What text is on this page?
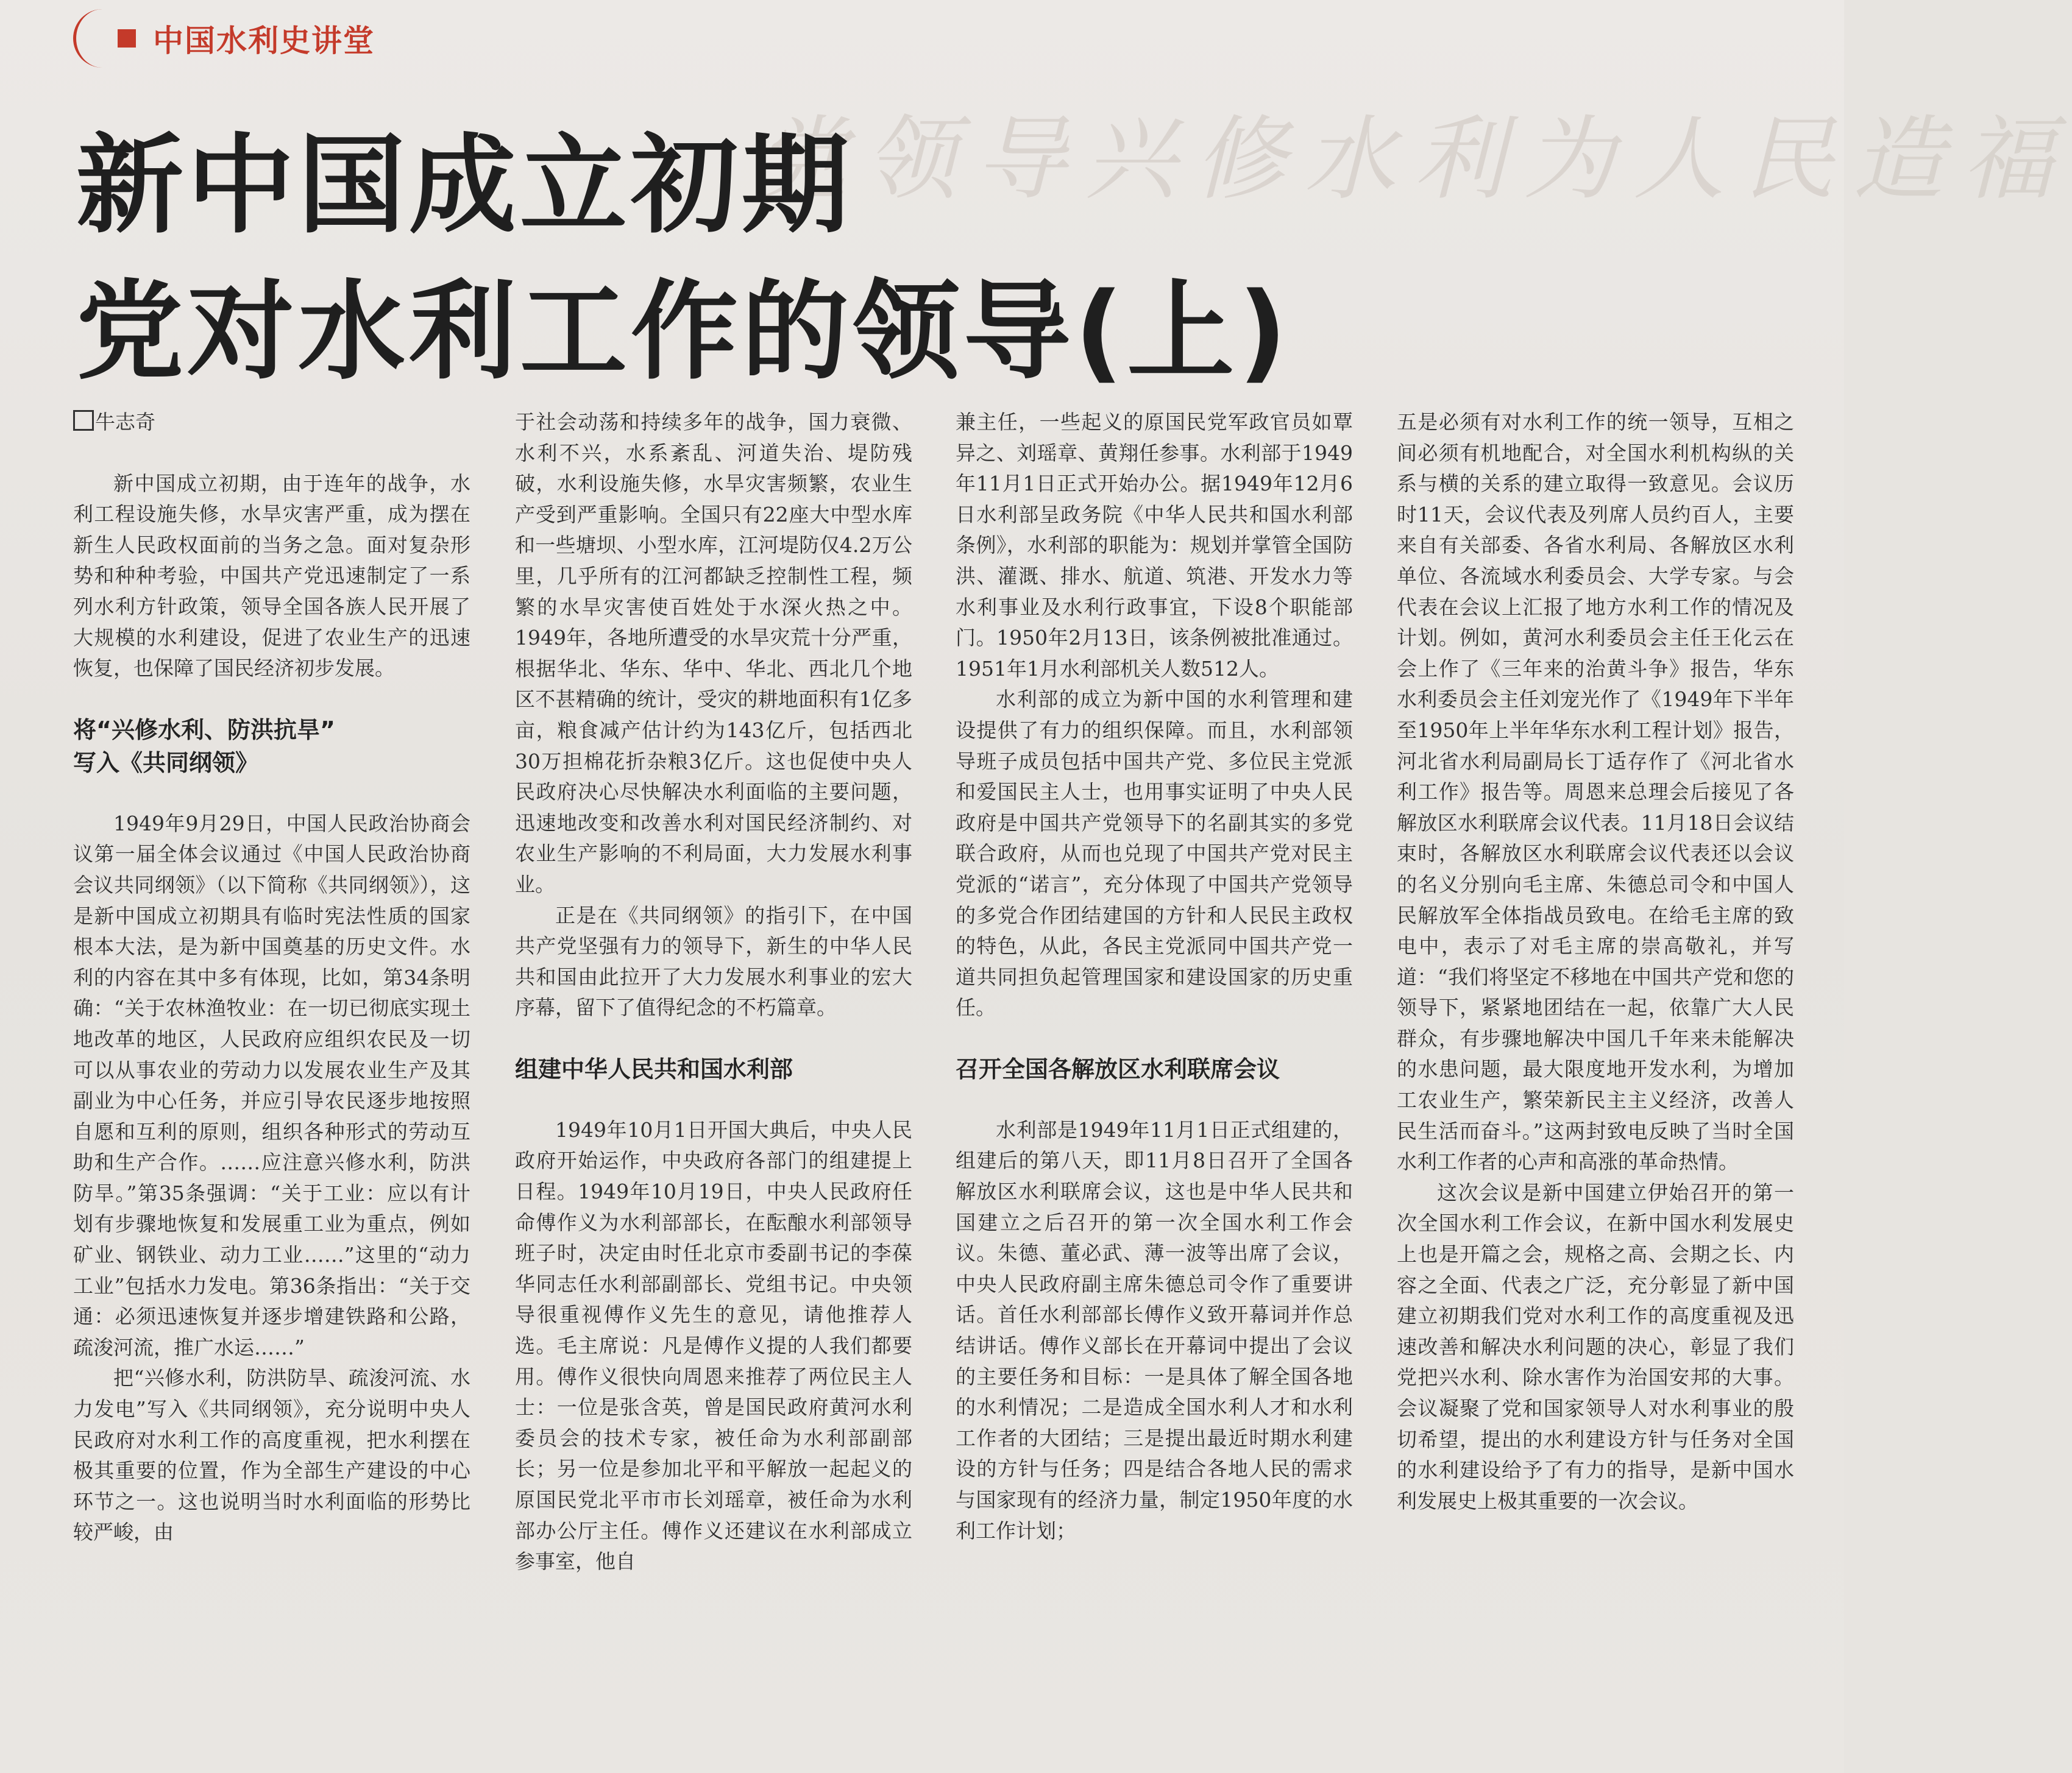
党领导兴修水利为人民造福
中国水利史讲堂
新中国成立初期
党对水利工作的领导(上)
牛志奇

新中国成立初期，由于连年的战争，水利工程设施失修，水旱灾害严重，成为摆在新生人民政权面前的当务之急。面对复杂形势和种种考验，中国共产党迅速制定了一系列水利方针政策，领导全国各族人民开展了大规模的水利建设，促进了农业生产的迅速恢复，也保障了国民经济初步发展。

将“兴修水利、防洪抗旱”
写入《共同纲领》

1949年9月29日，中国人民政治协商会议第一届全体会议通过《中国人民政治协商会议共同纲领》（以下简称《共同纲领》），这是新中国成立初期具有临时宪法性质的国家根本大法，是为新中国奠基的历史文件。水利的内容在其中多有体现，比如，第34条明确：“关于农林渔牧业：在一切已彻底实现土地改革的地区，人民政府应组织农民及一切可以从事农业的劳动力以发展农业生产及其副业为中心任务，并应引导农民逐步地按照自愿和互利的原则，组织各种形式的劳动互助和生产合作。……应注意兴修水利，防洪防旱。”第35条强调：“关于工业：应以有计划有步骤地恢复和发展重工业为重点，例如矿业、钢铁业、动力工业……”这里的“动力工业”包括水力发电。第36条指出：“关于交通：必须迅速恢复并逐步增建铁路和公路，疏浚河流，推广水运……”

把“兴修水利，防洪防旱、疏浚河流、水力发电”写入《共同纲领》，充分说明中央人民政府对水利工作的高度重视，把水利摆在极其重要的位置，作为全部生产建设的中心环节之一。这也说明当时水利面临的形势比较严峻，由

于社会动荡和持续多年的战争，国力衰微、水利不兴，水系紊乱、河道失治、堤防残破，水利设施失修，水旱灾害频繁，农业生产受到严重影响。全国只有22座大中型水库和一些塘坝、小型水库，江河堤防仅4.2万公里，几乎所有的江河都缺乏控制性工程，频繁的水旱灾害使百姓处于水深火热之中。1949年，各地所遭受的水旱灾荒十分严重，根据华北、华东、华中、华北、西北几个地区不甚精确的统计，受灾的耕地面积有1亿多亩，粮食减产估计约为143亿斤，包括西北30万担棉花折杂粮3亿斤。这也促使中央人民政府决心尽快解决水利面临的主要问题，迅速地改变和改善水利对国民经济制约、对农业生产影响的不利局面，大力发展水利事业。

正是在《共同纲领》的指引下，在中国共产党坚强有力的领导下，新生的中华人民共和国由此拉开了大力发展水利事业的宏大序幕，留下了值得纪念的不朽篇章。

组建中华人民共和国水利部

1949年10月1日开国大典后，中央人民政府开始运作，中央政府各部门的组建提上日程。1949年10月19日，中央人民政府任命傅作义为水利部部长，在酝酿水利部领导班子时，决定由时任北京市委副书记的李葆华同志任水利部副部长、党组书记。中央领导很重视傅作义先生的意见，请他推荐人选。毛主席说：凡是傅作义提的人我们都要用。傅作义很快向周恩来推荐了两位民主人士：一位是张含英，曾是国民政府黄河水利委员会的技术专家，被任命为水利部副部长；另一位是参加北平和平解放一起起义的原国民党北平市市长刘瑶章，被任命为水利部办公厅主任。傅作义还建议在水利部成立参事室，他自

兼主任，一些起义的原国民党军政官员如覃异之、刘瑶章、黄翔任参事。水利部于1949年11月1日正式开始办公。据1949年12月6日水利部呈政务院《中华人民共和国水利部条例》，水利部的职能为：规划并掌管全国防洪、灌溉、排水、航道、筑港、开发水力等水利事业及水利行政事宜，下设8个职能部门。1950年2月13日，该条例被批准通过。1951年1月水利部机关人数512人。

水利部的成立为新中国的水利管理和建设提供了有力的组织保障。而且，水利部领导班子成员包括中国共产党、多位民主党派和爱国民主人士，也用事实证明了中央人民政府是中国共产党领导下的名副其实的多党联合政府，从而也兑现了中国共产党对民主党派的“诺言”，充分体现了中国共产党领导的多党合作团结建国的方针和人民民主政权的特色，从此，各民主党派同中国共产党一道共同担负起管理国家和建设国家的历史重任。

召开全国各解放区水利联席会议

水利部是1949年11月1日正式组建的，组建后的第八天，即11月8日召开了全国各解放区水利联席会议，这也是中华人民共和国建立之后召开的第一次全国水利工作会议。朱德、董必武、薄一波等出席了会议，中央人民政府副主席朱德总司令作了重要讲话。首任水利部部长傅作义致开幕词并作总结讲话。傅作义部长在开幕词中提出了会议的主要任务和目标：一是具体了解全国各地的水利情况；二是造成全国水利人才和水利工作者的大团结；三是提出最近时期水利建设的方针与任务；四是结合各地人民的需求与国家现有的经济力量，制定1950年度的水利工作计划；

五是必须有对水利工作的统一领导，互相之间必须有机地配合，对全国水利机构纵的关系与横的关系的建立取得一致意见。会议历时11天，会议代表及列席人员约百人，主要来自有关部委、各省水利局、各解放区水利单位、各流域水利委员会、大学专家。与会代表在会议上汇报了地方水利工作的情况及计划。例如，黄河水利委员会主任王化云在会上作了《三年来的治黄斗争》报告，华东水利委员会主任刘宠光作了《1949年下半年至1950年上半年华东水利工程计划》报告，河北省水利局副局长丁适存作了《河北省水利工作》报告等。周恩来总理会后接见了各解放区水利联席会议代表。11月18日会议结束时，各解放区水利联席会议代表还以会议的名义分别向毛主席、朱德总司令和中国人民解放军全体指战员致电。在给毛主席的致电中，表示了对毛主席的崇高敬礼，并写道：“我们将坚定不移地在中国共产党和您的领导下，紧紧地团结在一起，依靠广大人民群众，有步骤地解决中国几千年来未能解决的水患问题，最大限度地开发水利，为增加工农业生产，繁荣新民主主义经济，改善人民生活而奋斗。”这两封致电反映了当时全国水利工作者的心声和高涨的革命热情。

这次会议是新中国建立伊始召开的第一次全国水利工作会议，在新中国水利发展史上也是开篇之会，规格之高、会期之长、内容之全面、代表之广泛，充分彰显了新中国建立初期我们党对水利工作的高度重视及迅速改善和解决水利问题的决心，彰显了我们党把兴水利、除水害作为治国安邦的大事。会议凝聚了党和国家领导人对水利事业的殷切希望，提出的水利建设方针与任务对全国的水利建设给予了有力的指导，是新中国水利发展史上极其重要的一次会议。
